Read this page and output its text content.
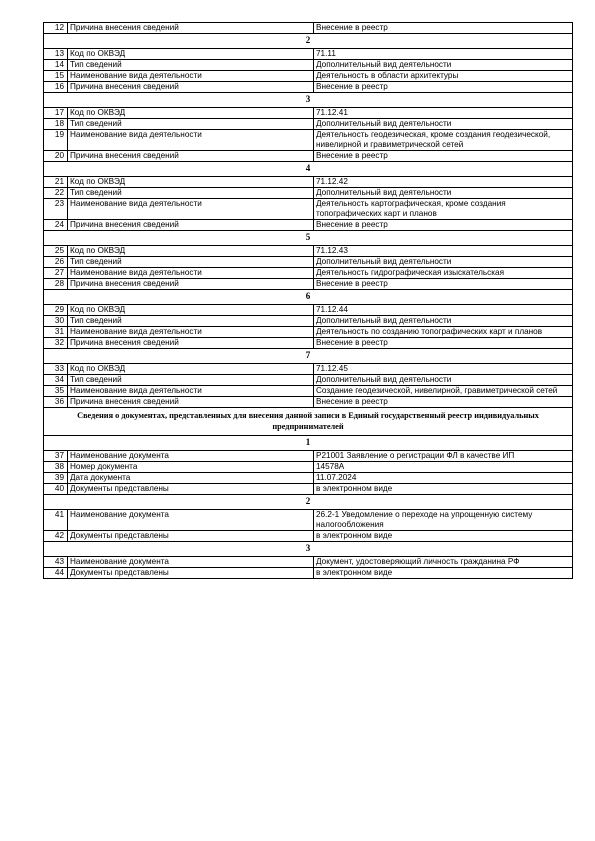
12	Причина внесения сведений	Внесение в реестр
2		
13	Код по ОКВЭД	71.11
14	Тип сведений	Дополнительный вид деятельности
15	Наименование вида деятельности	Деятельность в области архитектуры
16	Причина внесения сведений	Внесение в реестр
3		
17	Код по ОКВЭД	71.12.41
18	Тип сведений	Дополнительный вид деятельности
19	Наименование вида деятельности	Деятельность геодезическая, кроме создания геодезической, нивелирной и гравиметрической сетей
20	Причина внесения сведений	Внесение в реестр
4		
21	Код по ОКВЭД	71.12.42
22	Тип сведений	Дополнительный вид деятельности
23	Наименование вида деятельности	Деятельность картографическая, кроме создания топографических карт и планов
24	Причина внесения сведений	Внесение в реестр
5		
25	Код по ОКВЭД	71.12.43
26	Тип сведений	Дополнительный вид деятельности
27	Наименование вида деятельности	Деятельность гидрографическая изыскательская
28	Причина внесения сведений	Внесение в реестр
6		
29	Код по ОКВЭД	71.12.44
30	Тип сведений	Дополнительный вид деятельности
31	Наименование вида деятельности	Деятельность по созданию топографических карт и планов
32	Причина внесения сведений	Внесение в реестр
7		
33	Код по ОКВЭД	71.12.45
34	Тип сведений	Дополнительный вид деятельности
35	Наименование вида деятельности	Создание геодезической, нивелирной, гравиметрической сетей
36	Причина внесения сведений	Внесение в реестр
Сведения о документах, представленных для внесения данной записи в Единый государственный реестр индивидуальных предпринимателей		
1		
37	Наименование документа	Р21001 Заявление о регистрации ФЛ в качестве ИП
38	Номер документа	14578А
39	Дата документа	11.07.2024
40	Документы представлены	в электронном виде
2		
41	Наименование документа	26.2-1 Уведомление о переходе на упрощенную систему налогообложения
42	Документы представлены	в электронном виде
3		
43	Наименование документа	Документ, удостоверяющий личность гражданина РФ
44	Документы представлены	в электронном виде
